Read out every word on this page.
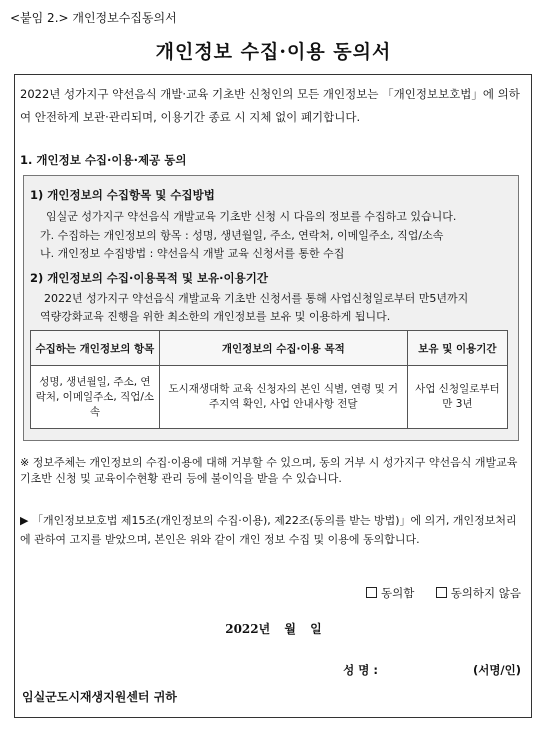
<붙임 2.> 개인정보수집동의서
개인정보 수집·이용 동의서
2022년 성가지구 약선음식 개발·교육 기초반 신청인의 모든 개인정보는 「개인정보보호법」에 의하여 안전하게 보관·관리되며, 이용기간 종료 시 지체 없이 폐기합니다.
1. 개인정보 수집·이용·제공 동의
1) 개인정보의 수집항목 및 수집방법
임실군 성가지구 약선음식 개발교육 기초반 신청 시 다음의 정보를 수집하고 있습니다.
가. 수집하는 개인정보의 항목 : 성명, 생년월일, 주소, 연락처, 이메일주소, 직업/소속
나. 개인정보 수집방법 : 약선음식 개발 교육 신청서를 통한 수집
2) 개인정보의 수집·이용목적 및 보유·이용기간
2022년 성가지구 약선음식 개발교육 기초반 신청서를 통해 사업신청일로부터 만5년까지
역량강화교육 진행을 위한 최소한의 개인정보를 보유 및 이용하게 됩니다.
수집하는 개인정보의 항목	개인정보의 수집·이용 목적	보유 및 이용기간
성명, 생년월일, 주소, 연락처, 이메일주소, 직업/소속	도시재생대학 교육 신청자의 본인 식별, 연령 및 거주지역 확인, 사업 안내사항 전달	사업 신청일로부터 만 3년
※ 정보주체는 개인정보의 수집·이용에 대해 거부할 수 있으며, 동의 거부 시 성가지구 약선음식 개발교육 기초반 신청 및 교육이수현황 관리 등에 불이익을 받을 수 있습니다.
▶ 「개인정보보호법 제15조(개인정보의 수집·이용), 제22조(동의를 받는 방법)」에 의거, 개인정보처리에 관하여 고지를 받았으며, 본인은 위와 같이 개인 정보 수집 및 이용에 동의합니다.
동의함	동의하지 않음
2022년 월 일
성 명 :	(서명/인)
임실군도시재생지원센터 귀하
